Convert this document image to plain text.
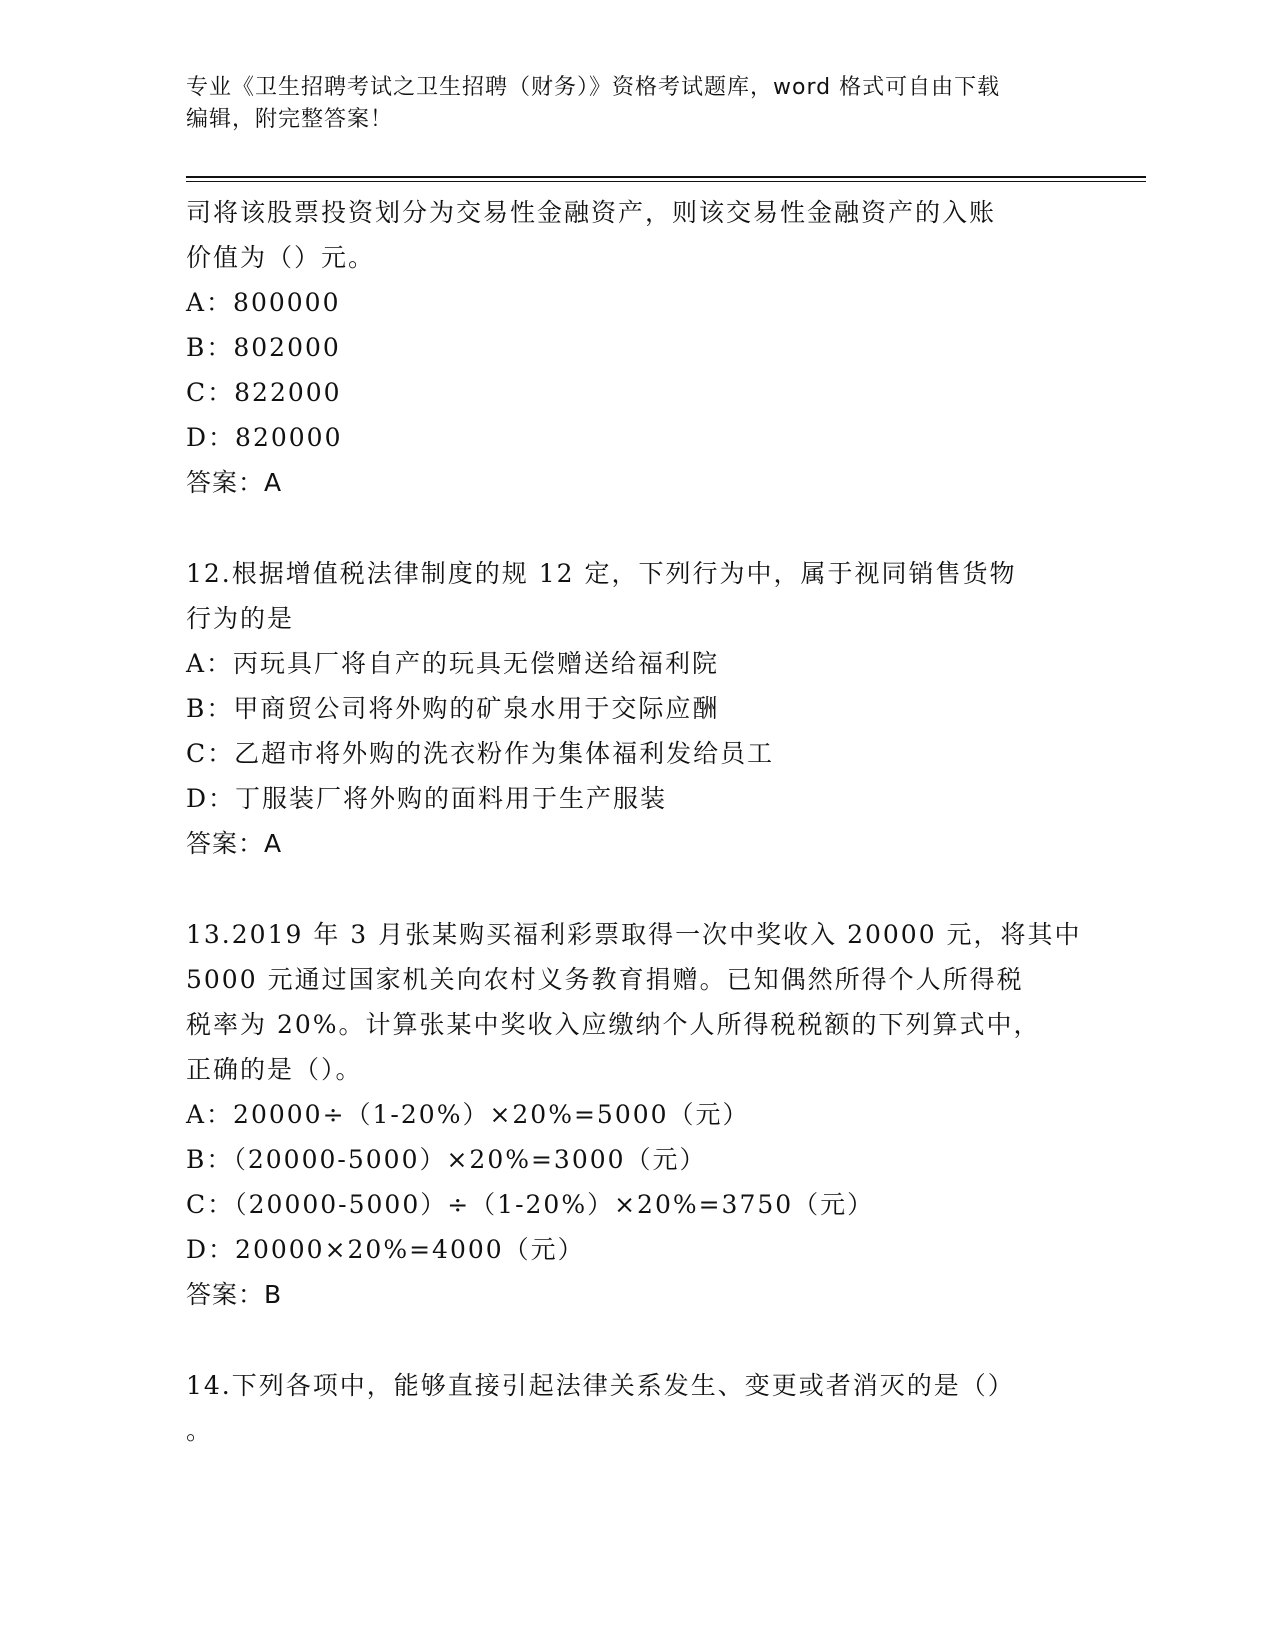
专业《卫生招聘考试之卫生招聘（财务）》资格考试题库，word 格式可自由下载
编辑，附完整答案！
司将该股票投资划分为交易性金融资产，则该交易性金融资产的入账
价值为（）元。
A：800000
B：802000
C：822000
D：820000
答案：A
12.根据增值税法律制度的规 12 定，下列行为中，属于视同销售货物
行为的是
A：丙玩具厂将自产的玩具无偿赠送给福利院
B：甲商贸公司将外购的矿泉水用于交际应酬
C：乙超市将外购的洗衣粉作为集体福利发给员工
D：丁服装厂将外购的面料用于生产服装
答案：A
13.2019 年 3 月张某购买福利彩票取得一次中奖收入 20000 元，将其中
5000 元通过国家机关向农村义务教育捐赠。已知偶然所得个人所得税
税率为 20%。计算张某中奖收入应缴纳个人所得税税额的下列算式中，
正确的是（）。
A：20000÷（1-20%）×20%=5000（元）
B：（20000-5000）×20%=3000（元）
C：（20000-5000）÷（1-20%）×20%=3750（元）
D：20000×20%=4000（元）
答案：B
14.下列各项中，能够直接引起法律关系发生、变更或者消灭的是（）
。
